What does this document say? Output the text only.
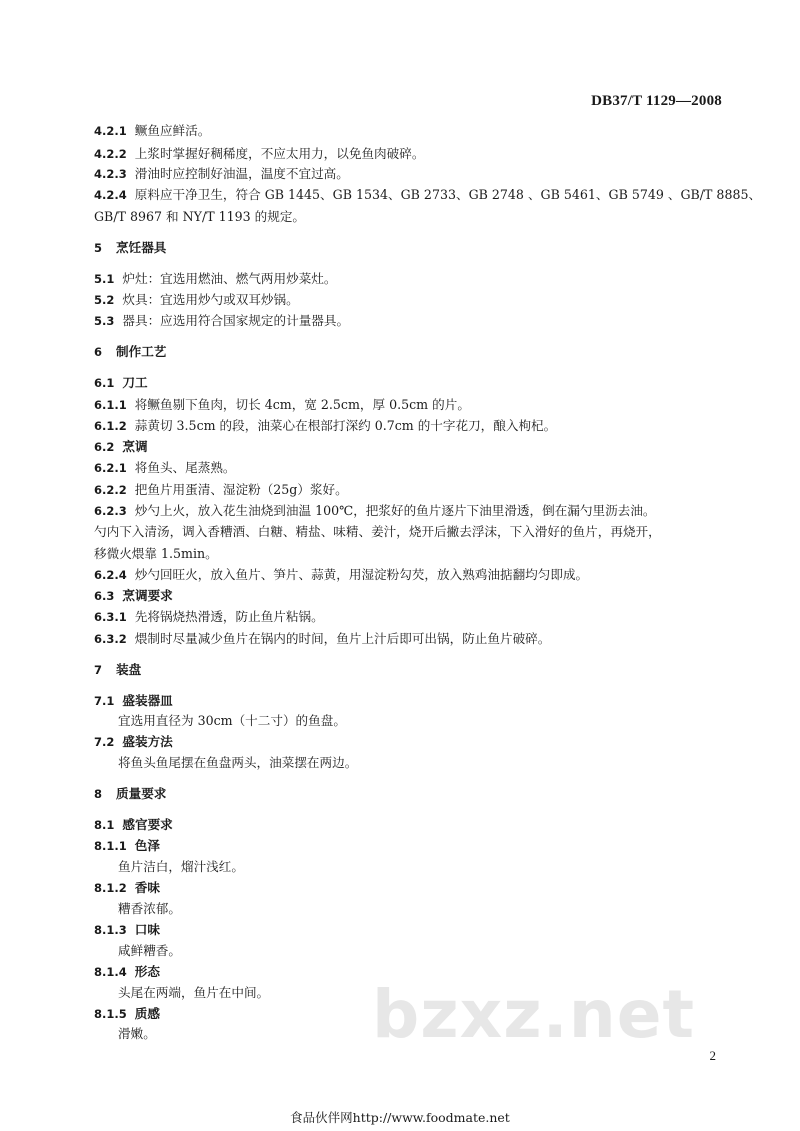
DB37/T 1129—2008
4.2.1 鳜鱼应鲜活。
4.2.2 上浆时掌握好稠稀度，不应太用力，以免鱼肉破碎。
4.2.3 滑油时应控制好油温，温度不宜过高。
4.2.4 原料应干净卫生，符合 GB 1445、GB 1534、GB 2733、GB 2748 、GB 5461、GB 5749 、GB/T 8885、
GB/T 8967 和 NY/T 1193 的规定。
5 烹饪器具
5.1 炉灶：宜选用燃油、燃气两用炒菜灶。
5.2 炊具：宜选用炒勺或双耳炒锅。
5.3 器具：应选用符合国家规定的计量器具。
6 制作工艺
6.1 刀工
6.1.1 将鳜鱼剔下鱼肉，切长 4cm，宽 2.5cm，厚 0.5cm 的片。
6.1.2 蒜黄切 3.5cm 的段，油菜心在根部打深约 0.7cm 的十字花刀，酿入枸杞。
6.2 烹调
6.2.1 将鱼头、尾蒸熟。
6.2.2 把鱼片用蛋清、湿淀粉（25g）浆好。
6.2.3 炒勺上火，放入花生油烧到油温 100℃，把浆好的鱼片逐片下油里滑透，倒在漏勺里沥去油。
勺内下入清汤，调入香糟酒、白糖、精盐、味精、姜汁，烧开后撇去浮沫，下入滑好的鱼片，再烧开，
移微火煨靠 1.5min。
6.2.4 炒勺回旺火，放入鱼片、笋片、蒜黄，用湿淀粉勾芡，放入熟鸡油掂翻均匀即成。
6.3 烹调要求
6.3.1 先将锅烧热滑透，防止鱼片粘锅。
6.3.2 煨制时尽量减少鱼片在锅内的时间，鱼片上汁后即可出锅，防止鱼片破碎。
7 装盘
7.1 盛装器皿
宜选用直径为 30cm（十二寸）的鱼盘。
7.2 盛装方法
将鱼头鱼尾摆在鱼盘两头，油菜摆在两边。
8 质量要求
8.1 感官要求
8.1.1 色泽
鱼片洁白，熘汁浅红。
8.1.2 香味
糟香浓郁。
8.1.3 口味
咸鲜糟香。
8.1.4 形态
头尾在两端，鱼片在中间。
8.1.5 质感
滑嫩。	bzxz.net
2
食品伙伴网http://www.foodmate.net
